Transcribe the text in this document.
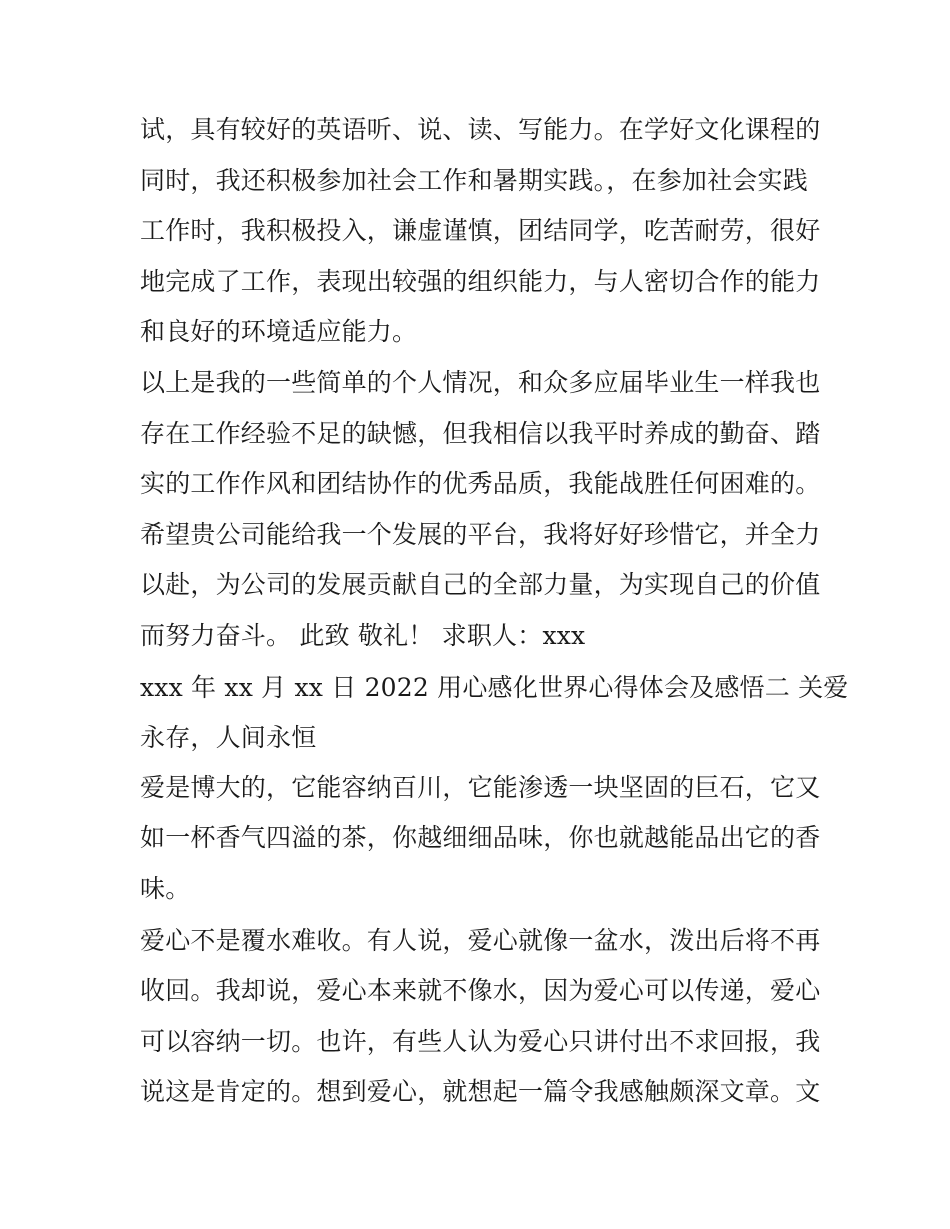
试，具有较好的英语听、说、读、写能力。在学好文化课程的

同时，我还积极参加社会工作和暑期实践。，在参加社会实践

工作时，我积极投入，谦虚谨慎，团结同学，吃苦耐劳，很好

地完成了工作，表现出较强的组织能力，与人密切合作的能力

和良好的环境适应能力。

以上是我的一些简单的个人情况，和众多应届毕业生一样我也

存在工作经验不足的缺憾，但我相信以我平时养成的勤奋、踏

实的工作作风和团结协作的优秀品质，我能战胜任何困难的。

希望贵公司能给我一个发展的平台，我将好好珍惜它，并全力

以赴，为公司的发展贡献自己的全部力量，为实现自己的价值

而努力奋斗。 此致 敬礼！ 求职人：xxx

xxx 年 xx 月 xx 日 2022 用心感化世界心得体会及感悟二 关爱

永存，人间永恒

爱是博大的，它能容纳百川，它能渗透一块坚固的巨石，它又

如一杯香气四溢的茶，你越细细品味，你也就越能品出它的香

味。

爱心不是覆水难收。有人说，爱心就像一盆水，泼出后将不再

收回。我却说，爱心本来就不像水，因为爱心可以传递，爱心

可以容纳一切。也许，有些人认为爱心只讲付出不求回报，我

说这是肯定的。想到爱心，就想起一篇令我感触颇深文章。文
